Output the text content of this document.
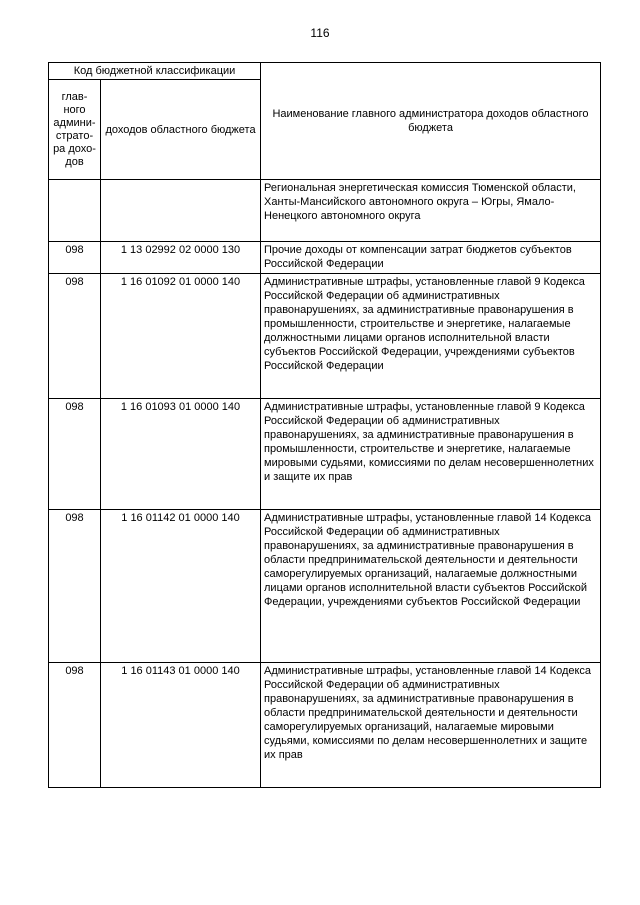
116
Код бюджетной классификации		Наименование главного администратора доходов областного бюджета
глав-ного админи-страто-ра дохо-дов	доходов областного бюджета	
		Региональная энергетическая комиссия Тюменской области, Ханты-Мансийского автономного округа – Югры, Ямало-Ненецкого автономного округа
098	1 13 02992 02 0000 130	Прочие доходы от компенсации затрат бюджетов субъектов Российской Федерации
098	1 16 01092 01 0000 140	Административные штрафы, установленные главой 9 Кодекса Российской Федерации об административных правонарушениях, за административные правонарушения в промышленности, строительстве и энергетике, налагаемые должностными лицами органов исполнительной власти субъектов Российской Федерации, учреждениями субъектов Российской Федерации
098	1 16 01093 01 0000 140	Административные штрафы, установленные главой 9 Кодекса Российской Федерации об административных правонарушениях, за административные правонарушения в промышленности, строительстве и энергетике, налагаемые мировыми судьями, комиссиями по делам несовершеннолетних и защите их прав
098	1 16 01142 01 0000 140	Административные штрафы, установленные главой 14 Кодекса Российской Федерации об административных правонарушениях, за административные правонарушения в области предпринимательской деятельности и деятельности саморегулируемых организаций, налагаемые должностными лицами органов исполнительной власти субъектов Российской Федерации, учреждениями субъектов Российской Федерации
098	1 16 01143 01 0000 140	Административные штрафы, установленные главой 14 Кодекса Российской Федерации об административных правонарушениях, за административные правонарушения в области предпринимательской деятельности и деятельности саморегулируемых организаций, налагаемые мировыми судьями, комиссиями по делам несовершеннолетних и защите их прав
